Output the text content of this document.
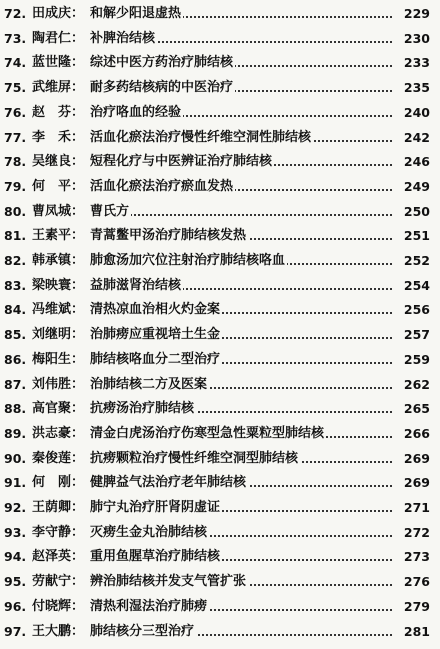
72. 田成庆： 和解少阳退虚热	229
73. 陶君仁： 补脾治结核	230
74. 蓝世隆： 综述中医方药治疗肺结核	233
75. 武维屏： 耐多药结核病的中医治疗	235
76. 赵　芬： 治疗咯血的经验	240
77. 李　禾： 活血化瘀法治疗慢性纤维空洞性肺结核	242
78. 吴继良： 短程化疗与中医辨证治疗肺结核	246
79. 何　平： 活血化瘀法治疗瘀血发热	249
80. 曹凤城： 曹氏方	250
81. 王素平： 青蒿鳖甲汤治疗肺结核发热	251
82. 韩承镇： 肺愈汤加穴位注射治疗肺结核咯血	252
83. 梁映寰： 益肺滋肾治结核	254
84. 冯维斌： 清热凉血治相火灼金案	256
85. 刘继明： 治肺痨应重视培土生金	257
86. 梅阳生： 肺结核咯血分二型治疗	259
87. 刘伟胜： 治肺结核二方及医案	262
88. 高官聚： 抗痨汤治疗肺结核	265
89. 洪志豪： 清金白虎汤治疗伤寒型急性粟粒型肺结核	266
90. 秦俊莲： 抗痨颗粒治疗慢性纤维空洞型肺结核	269
91. 何　刚： 健脾益气法治疗老年肺结核	269
92. 王荫卿： 肺宁丸治疗肝肾阴虚证	271
93. 李守静： 灭痨生金丸治肺结核	272
94. 赵泽英： 重用鱼腥草治疗肺结核	273
95. 劳献宁： 辨治肺结核并发支气管扩张	276
96. 付晓辉： 清热利湿法治疗肺痨	279
97. 王大鹏： 肺结核分三型治疗	281
